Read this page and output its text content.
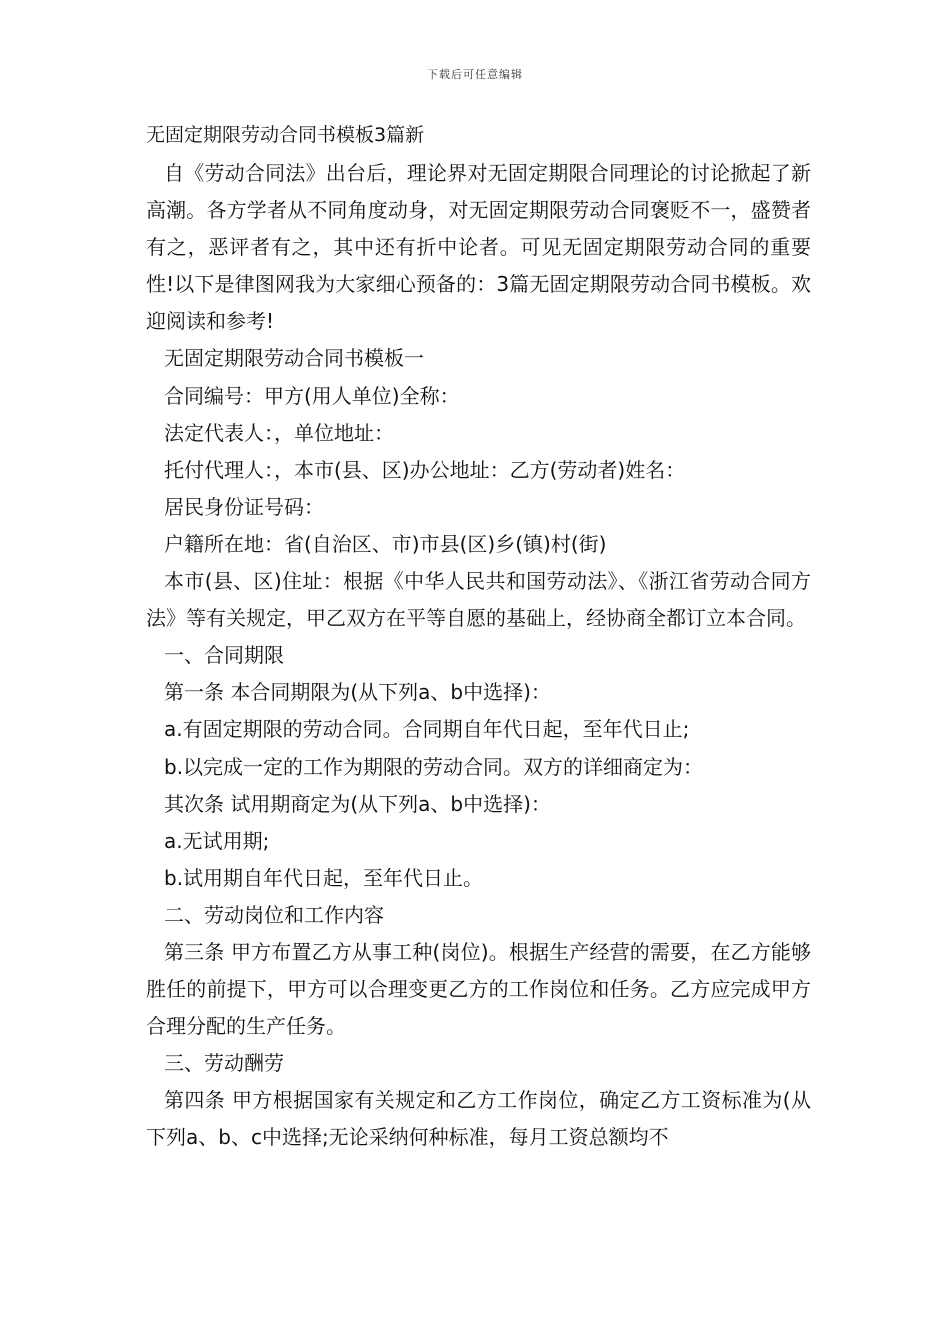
下载后可任意编辑
无固定期限劳动合同书模板3篇新

自《劳动合同法》出台后，理论界对无固定期限合同理论的讨论掀起了新高潮。各方学者从不同角度动身，对无固定期限劳动合同褒贬不一，盛赞者有之，恶评者有之，其中还有折中论者。可见无固定期限劳动合同的重要性!以下是律图网我为大家细心预备的：3篇无固定期限劳动合同书模板。欢迎阅读和参考!

无固定期限劳动合同书模板一

合同编号：甲方(用人单位)全称：

法定代表人：，单位地址：

托付代理人：，本市(县、区)办公地址：乙方(劳动者)姓名：

居民身份证号码：

户籍所在地：省(自治区、市)市县(区)乡(镇)村(街)

本市(县、区)住址：根据《中华人民共和国劳动法》、《浙江省劳动合同方法》等有关规定，甲乙双方在平等自愿的基础上，经协商全都订立本合同。

一、合同期限

第一条 本合同期限为(从下列a、b中选择)：

a.有固定期限的劳动合同。合同期自年代日起，至年代日止;

b.以完成一定的工作为期限的劳动合同。双方的详细商定为：

其次条 试用期商定为(从下列a、b中选择)：

a.无试用期;

b.试用期自年代日起，至年代日止。

二、劳动岗位和工作内容

第三条 甲方布置乙方从事工种(岗位)。根据生产经营的需要，在乙方能够胜任的前提下，甲方可以合理变更乙方的工作岗位和任务。乙方应完成甲方合理分配的生产任务。

三、劳动酬劳

第四条 甲方根据国家有关规定和乙方工作岗位，确定乙方工资标准为(从下列a、b、c中选择;无论采纳何种标准，每月工资总额均不
